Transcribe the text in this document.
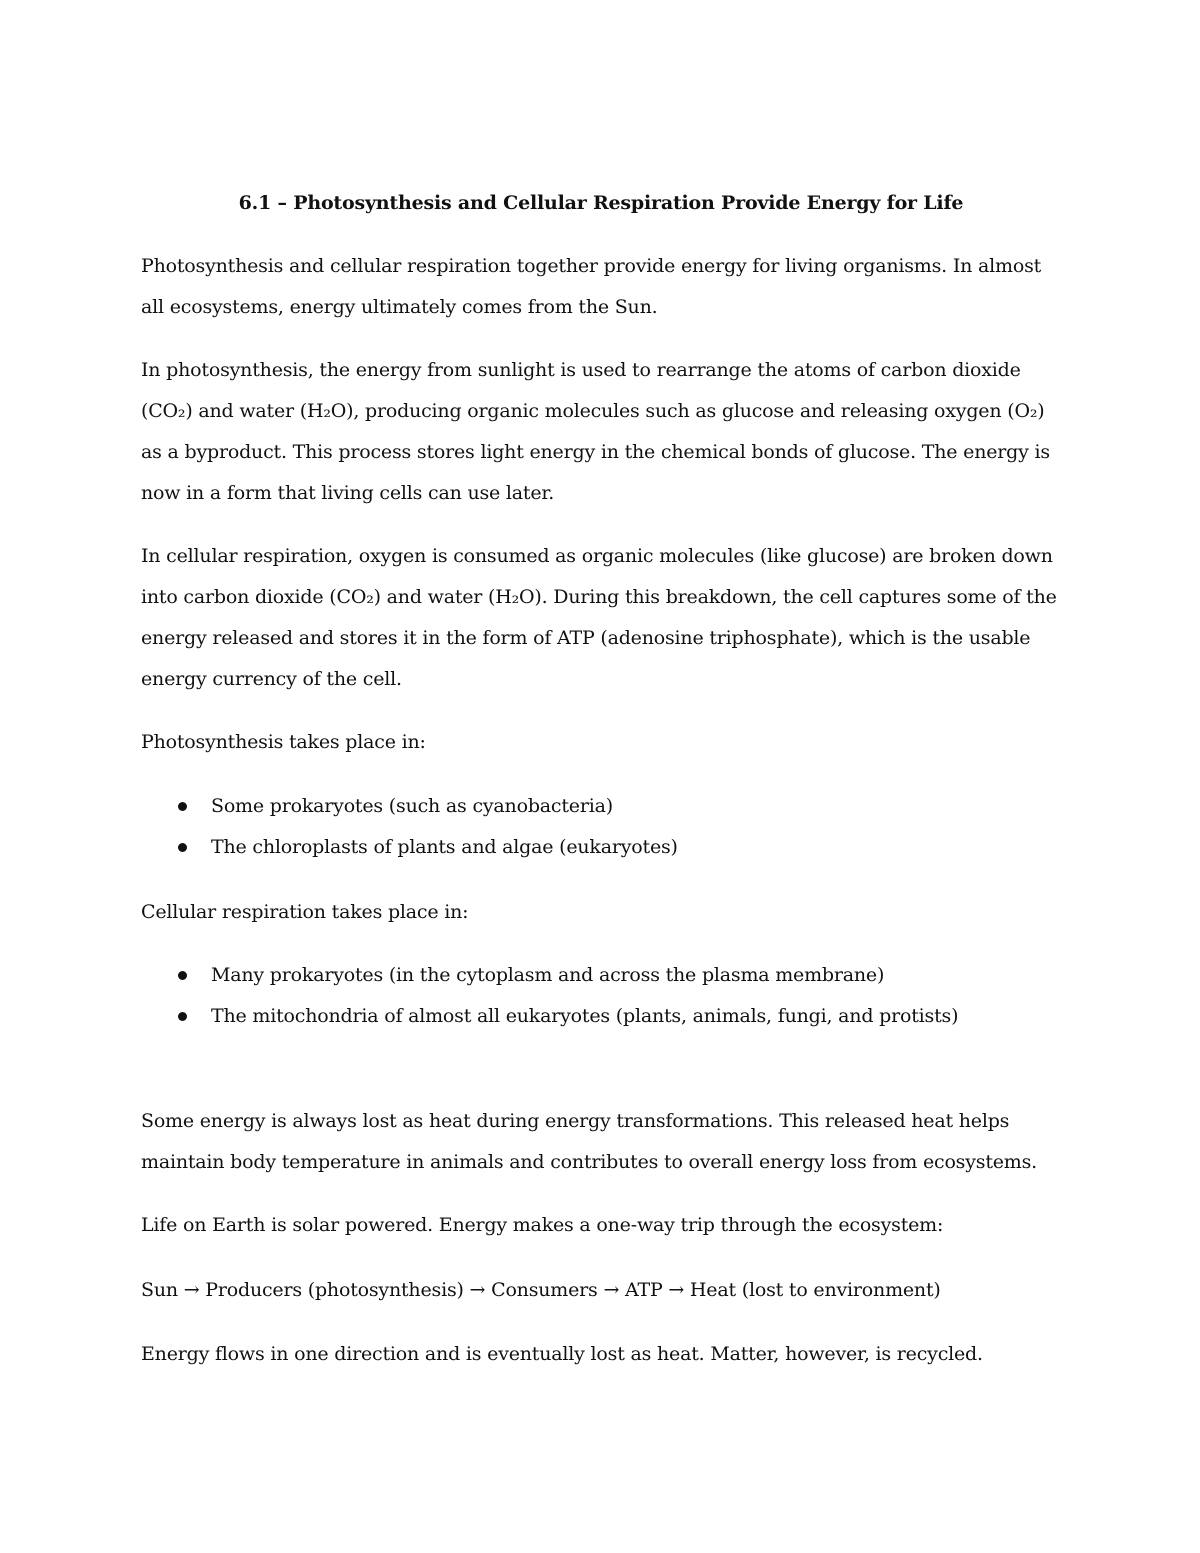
6.1 – Photosynthesis and Cellular Respiration Provide Energy for Life

Photosynthesis and cellular respiration together provide energy for living organisms. In almost
all ecosystems, energy ultimately comes from the Sun.

In photosynthesis, the energy from sunlight is used to rearrange the atoms of carbon dioxide
(CO₂) and water (H₂O), producing organic molecules such as glucose and releasing oxygen (O₂)
as a byproduct. This process stores light energy in the chemical bonds of glucose. The energy is
now in a form that living cells can use later.

In cellular respiration, oxygen is consumed as organic molecules (like glucose) are broken down
into carbon dioxide (CO₂) and water (H₂O). During this breakdown, the cell captures some of the
energy released and stores it in the form of ATP (adenosine triphosphate), which is the usable
energy currency of the cell.

Photosynthesis takes place in:

Some prokaryotes (such as cyanobacteria)
The chloroplasts of plants and algae (eukaryotes)

Cellular respiration takes place in:

Many prokaryotes (in the cytoplasm and across the plasma membrane)
The mitochondria of almost all eukaryotes (plants, animals, fungi, and protists)

Some energy is always lost as heat during energy transformations. This released heat helps
maintain body temperature in animals and contributes to overall energy loss from ecosystems.

Life on Earth is solar powered. Energy makes a one-way trip through the ecosystem:

Sun → Producers (photosynthesis) → Consumers → ATP → Heat (lost to environment)

Energy flows in one direction and is eventually lost as heat. Matter, however, is recycled.
